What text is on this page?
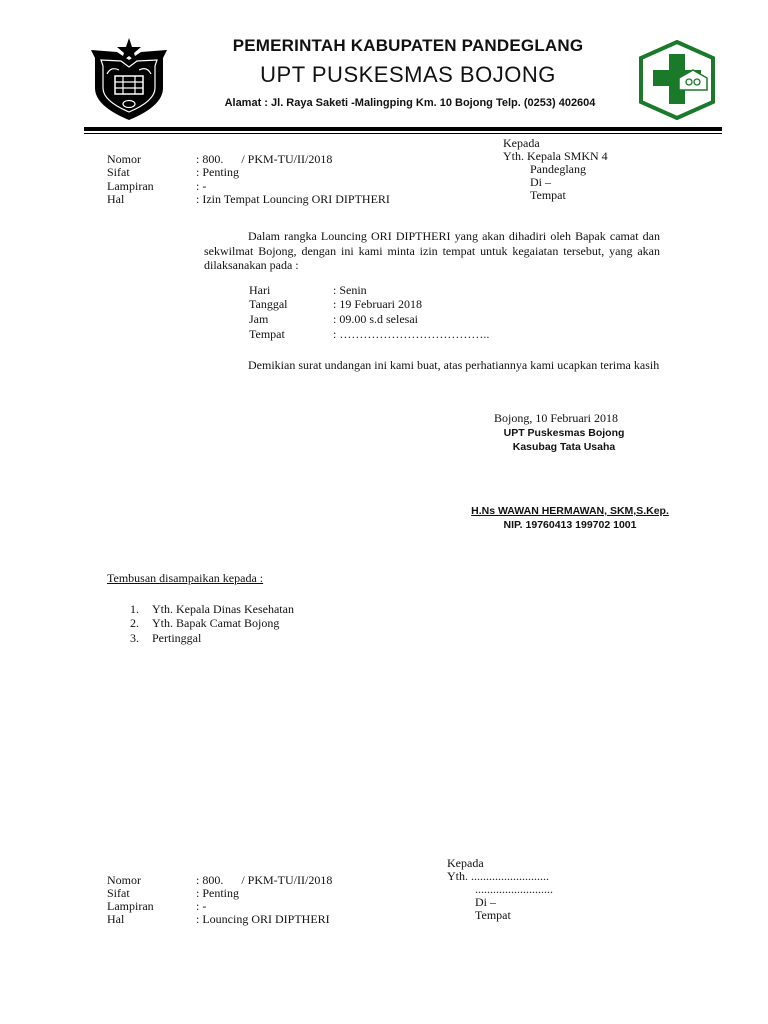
PEMERINTAH KABUPATEN PANDEGLANG
UPT PUSKESMAS BOJONG
Alamat : Jl. Raya Saketi -Malingping Km. 10 Bojong Telp. (0253) 402604
Nomor	: 800.      / PKM-TU/II/2018
Sifat	: Penting
Lampiran	: -
Hal	: Izin Tempat Louncing ORI DIPTHERI
Kepada
Yth. Kepala SMKN 4
Pandeglang
Di –
Tempat
Dalam rangka Louncing ORI DIPTHERI yang akan dihadiri oleh Bapak camat dan sekwilmat Bojong, dengan ini kami minta izin tempat untuk kegaiatan tersebut, yang akan dilaksanakan pada :
Hari	: Senin
Tanggal	: 19 Februari 2018
Jam	: 09.00 s.d selesai
Tempat	: ………………………………..
Demikian surat undangan ini kami buat, atas perhatiannya kami ucapkan terima kasih
Bojong, 10 Februari 2018
UPT Puskesmas Bojong
Kasubag Tata Usaha
H.Ns WAWAN HERMAWAN, SKM,S.Kep.
NIP. 19760413 199702 1001
Tembusan disampaikan kepada :
1. Yth. Kepala Dinas Kesehatan
2. Yth. Bapak Camat Bojong
3. Pertinggal
Nomor	: 800.      / PKM-TU/II/2018
Sifat	: Penting
Lampiran	: -
Hal	: Louncing ORI DIPTHERI
Kepada
Yth. ..........................
..........................
Di –
Tempat
